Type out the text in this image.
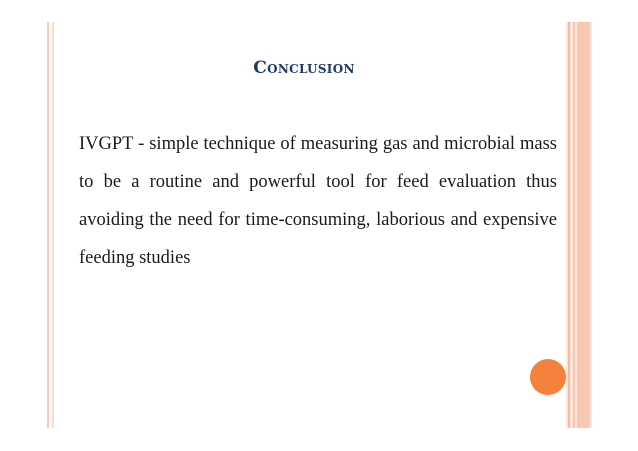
Conclusion
IVGPT - simple technique of measuring gas and microbial mass to be a routine and powerful tool for feed evaluation thus avoiding the need for time-consuming, laborious and expensive feeding studies
